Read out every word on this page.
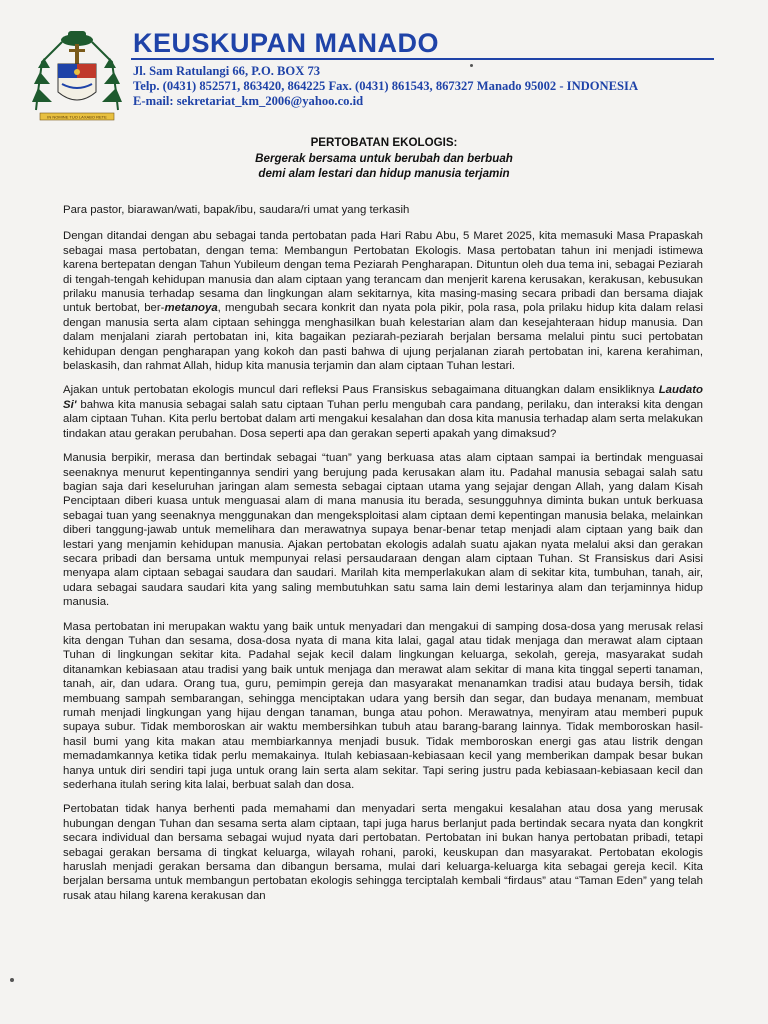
IN NOMINE TUO LAXABO RETE
KEUSKUPAN MANADO
Jl. Sam Ratulangi 66, P.O. BOX 73
Telp. (0431) 852571, 863420, 864225 Fax. (0431) 861543, 867327 Manado 95002 - INDONESIA
E-mail: sekretariat_km_2006@yahoo.co.id
PERTOBATAN EKOLOGIS:
Bergerak bersama untuk berubah dan berbuah
demi alam lestari dan hidup manusia terjamin

Para pastor, biarawan/wati, bapak/ibu, saudara/ri umat yang terkasih

Dengan ditandai dengan abu sebagai tanda pertobatan pada Hari Rabu Abu, 5 Maret 2025, kita memasuki Masa Prapaskah sebagai masa pertobatan, dengan tema: Membangun Pertobatan Ekologis. Masa pertobatan tahun ini menjadi istimewa karena bertepatan dengan Tahun Yubileum dengan tema Peziarah Pengharapan. Dituntun oleh dua tema ini, sebagai Peziarah di tengah-tengah kehidupan manusia dan alam ciptaan yang terancam dan menjerit karena kerusakan, kerakusan, kebusukan prilaku manusia terhadap sesama dan lingkungan alam sekitarnya, kita masing-masing secara pribadi dan bersama diajak untuk bertobat, ber-metanoya, mengubah secara konkrit dan nyata pola pikir, pola rasa, pola prilaku hidup kita dalam relasi dengan manusia serta alam ciptaan sehingga menghasilkan buah kelestarian alam dan kesejahteraan hidup manusia. Dan dalam menjalani ziarah pertobatan ini, kita bagaikan peziarah-peziarah berjalan bersama melalui pintu suci pertobatan kehidupan dengan pengharapan yang kokoh dan pasti bahwa di ujung perjalanan ziarah pertobatan ini, karena kerahiman, belaskasih, dan rahmat Allah, hidup kita manusia terjamin dan alam ciptaan Tuhan lestari.

Ajakan untuk pertobatan ekologis muncul dari refleksi Paus Fransiskus sebagaimana dituangkan dalam ensikliknya Laudato Si' bahwa kita manusia sebagai salah satu ciptaan Tuhan perlu mengubah cara pandang, perilaku, dan interaksi kita dengan alam ciptaan Tuhan. Kita perlu bertobat dalam arti mengakui kesalahan dan dosa kita manusia terhadap alam serta melakukan tindakan atau gerakan perubahan. Dosa seperti apa dan gerakan seperti apakah yang dimaksud?

Manusia berpikir, merasa dan bertindak sebagai “tuan” yang berkuasa atas alam ciptaan sampai ia bertindak menguasai seenaknya menurut kepentingannya sendiri yang berujung pada kerusakan alam itu. Padahal manusia sebagai salah satu bagian saja dari keseluruhan jaringan alam semesta sebagai ciptaan utama yang sejajar dengan Allah, yang dalam Kisah Penciptaan diberi kuasa untuk menguasai alam di mana manusia itu berada, sesungguhnya diminta bukan untuk berkuasa sebagai tuan yang seenaknya menggunakan dan mengeksploitasi alam ciptaan demi kepentingan manusia belaka, melainkan diberi tanggung-jawab untuk memelihara dan merawatnya supaya benar-benar tetap menjadi alam ciptaan yang baik dan lestari yang menjamin kehidupan manusia. Ajakan pertobatan ekologis adalah suatu ajakan nyata melalui aksi dan gerakan secara pribadi dan bersama untuk mempunyai relasi persaudaraan dengan alam ciptaan Tuhan. St Fransiskus dari Asisi menyapa alam ciptaan sebagai saudara dan saudari. Marilah kita memperlakukan alam di sekitar kita, tumbuhan, tanah, air, udara sebagai saudara saudari kita yang saling membutuhkan satu sama lain demi lestarinya alam dan terjaminnya hidup manusia.

Masa pertobatan ini merupakan waktu yang baik untuk menyadari dan mengakui di samping dosa-dosa yang merusak relasi kita dengan Tuhan dan sesama, dosa-dosa nyata di mana kita lalai, gagal atau tidak menjaga dan merawat alam ciptaan Tuhan di lingkungan sekitar kita. Padahal sejak kecil dalam lingkungan keluarga, sekolah, gereja, masyarakat sudah ditanamkan kebiasaan atau tradisi yang baik untuk menjaga dan merawat alam sekitar di mana kita tinggal seperti tanaman, tanah, air, dan udara. Orang tua, guru, pemimpin gereja dan masyarakat menanamkan tradisi atau budaya bersih, tidak membuang sampah sembarangan, sehingga menciptakan udara yang bersih dan segar, dan budaya menanam, membuat rumah menjadi lingkungan yang hijau dengan tanaman, bunga atau pohon. Merawatnya, menyiram atau memberi pupuk supaya subur. Tidak memboroskan air waktu membersihkan tubuh atau barang-barang lainnya. Tidak memboroskan hasil-hasil bumi yang kita makan atau membiarkannya menjadi busuk. Tidak memboroskan energi gas atau listrik dengan memadamkannya ketika tidak perlu memakainya. Itulah kebiasaan-kebiasaan kecil yang memberikan dampak besar bukan hanya untuk diri sendiri tapi juga untuk orang lain serta alam sekitar. Tapi sering justru pada kebiasaan-kebiasaan kecil dan sederhana itulah sering kita lalai, berbuat salah dan dosa.

Pertobatan tidak hanya berhenti pada memahami dan menyadari serta mengakui kesalahan atau dosa yang merusak hubungan dengan Tuhan dan sesama serta alam ciptaan, tapi juga harus berlanjut pada bertindak secara nyata dan kongkrit secara individual dan bersama sebagai wujud nyata dari pertobatan. Pertobatan ini bukan hanya pertobatan pribadi, tetapi sebagai gerakan bersama di tingkat keluarga, wilayah rohani, paroki, keuskupan dan masyarakat. Pertobatan ekologis haruslah menjadi gerakan bersama dan dibangun bersama, mulai dari keluarga-keluarga kita sebagai gereja kecil. Kita berjalan bersama untuk membangun pertobatan ekologis sehingga terciptalah kembali “firdaus” atau “Taman Eden” yang telah rusak atau hilang karena kerakusan dan
